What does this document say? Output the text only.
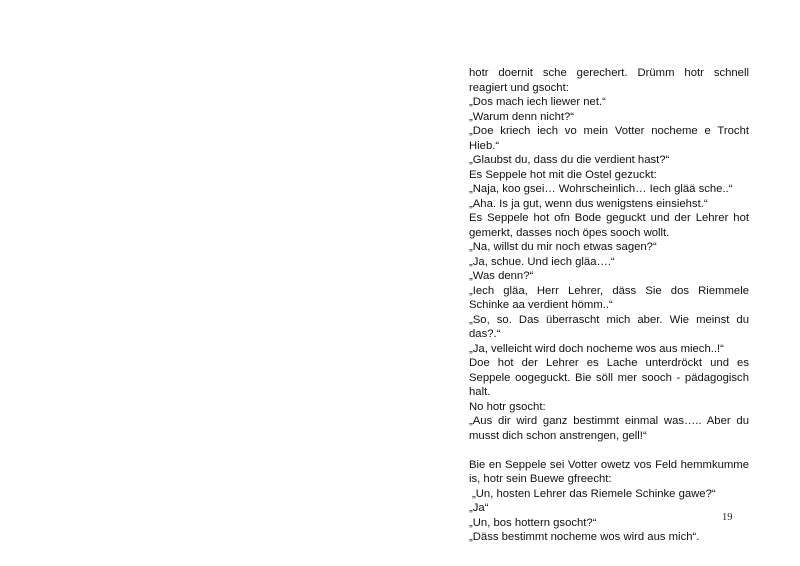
hotr doernit sche gerechert. Drümm hotr schnell reagiert und gsocht:

„Dos mach iech liewer net.“

„Warum denn nicht?“

„Doe kriech iech vo mein Votter nocheme e Trocht Hieb.“

„Glaubst du, dass du die verdient hast?“

Es Seppele hot mit die Ostel gezuckt:

„Naja, koo gsei… Wohrscheinlich… Iech glää sche..“

„Aha. Is ja gut, wenn dus wenigstens einsiehst.“

Es Seppele hot ofn Bode geguckt und der Lehrer hot gemerkt, dasses noch öpes sooch wollt.

„Na, willst du mir noch etwas sagen?“

„Ja, schue. Und iech gläa….“

„Was denn?“

„Iech gläa, Herr Lehrer, däss Sie dos Riemmele Schinke aa verdient hömm..“

„So, so. Das überrascht mich aber. Wie meinst du das?.“

„Ja, velleicht wird doch nocheme wos aus miech..!“

Doe hot der Lehrer es Lache unterdröckt und es Seppele oogeguckt. Bie söll mer sooch - pädagogisch halt.

No hotr gsocht:

„Aus dir wird ganz bestimmt einmal was….. Aber du musst dich schon anstrengen, gell!“

Bie en Seppele sei Votter owetz vos Feld hemmkumme is, hotr sein Buewe gfreecht:

„Un, hosten Lehrer das Riemele Schinke gawe?“

„Ja“

„Un, bos hottern gsocht?“

„Däss bestimmt nocheme wos wird aus mich“.

19
